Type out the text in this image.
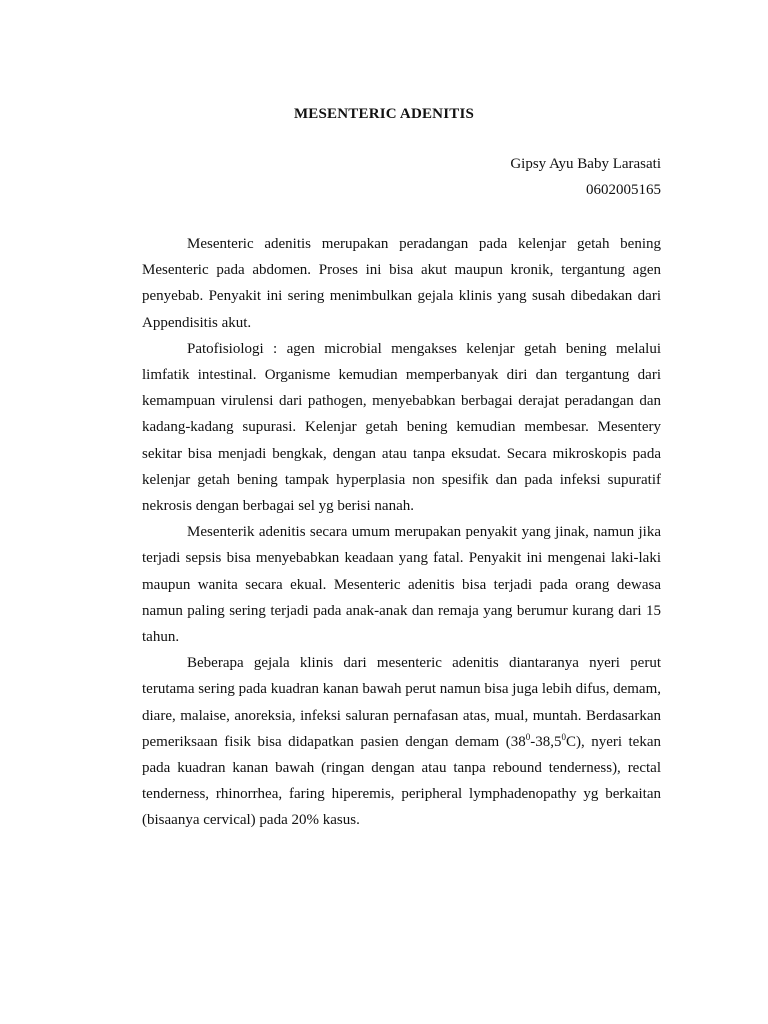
MESENTERIC ADENITIS
Gipsy Ayu Baby Larasati
0602005165

Mesenteric adenitis merupakan peradangan pada kelenjar getah bening Mesenteric pada abdomen. Proses ini bisa akut maupun kronik, tergantung agen penyebab. Penyakit ini sering menimbulkan gejala klinis yang susah dibedakan dari Appendisitis akut.

Patofisiologi : agen microbial mengakses kelenjar getah bening melalui limfatik intestinal. Organisme kemudian memperbanyak diri dan tergantung dari kemampuan virulensi dari pathogen, menyebabkan berbagai derajat peradangan dan kadang-kadang supurasi. Kelenjar getah bening kemudian membesar. Mesentery sekitar bisa menjadi bengkak, dengan atau tanpa eksudat. Secara mikroskopis pada kelenjar getah bening tampak hyperplasia non spesifik dan pada infeksi supuratif nekrosis dengan berbagai sel yg berisi nanah.

Mesenterik adenitis secara umum merupakan penyakit yang jinak, namun jika terjadi sepsis bisa menyebabkan keadaan yang fatal. Penyakit ini mengenai laki-laki maupun wanita secara ekual. Mesenteric adenitis bisa terjadi pada orang dewasa namun paling sering terjadi pada anak-anak dan remaja yang berumur kurang dari 15 tahun.

Beberapa gejala klinis dari mesenteric adenitis diantaranya nyeri perut terutama sering pada kuadran kanan bawah perut namun bisa juga lebih difus, demam, diare, malaise, anoreksia, infeksi saluran pernafasan atas, mual, muntah. Berdasarkan pemeriksaan fisik bisa didapatkan pasien dengan demam $(38^0-38,5^0C)$, nyeri tekan pada kuadran kanan bawah (ringan dengan atau tanpa rebound tenderness), rectal tenderness, rhinorrhea, faring hiperemis, peripheral lymphadenopathy yg berkaitan (bisaanya cervical) pada 20% kasus.
